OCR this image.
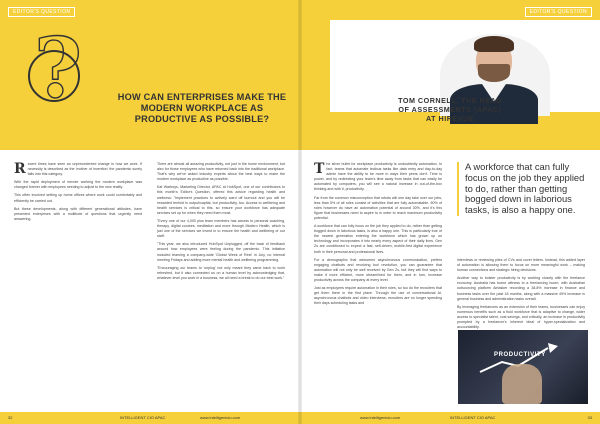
EDITOR'S QUESTION
?	HOW CAN ENTERPRISES MAKE THE MODERN WORKPLACE AS PRODUCTIVE AS POSSIBLE?

Recent times have seen an unprecedented change in how we work. If necessity is described as the 'mother of invention' the pandemic surely falls into this category.

With the rapid deployment of remote working the modern workplace was changed forever with employees needing to adjust to the new reality.

This often involved setting up home offices where work could comfortably and efficiently be carried out.

But these developments, along with different generational attitudes, have presented enterprises with a multitude of questions that urgently need answering.

There are almost all amazing productivity, not just in the home environment, but also for those employees who have returned back into the traditional workplace. That's why we've asked industry experts about the best ways to make the modern workplace as productive as possible.

Kat Warboys, Marketing Director, APAC at HubSpot, one of our contributors to this month's Editor's Question, offered this advice regarding health and wellness: "Implement practices to actively ward off burnout and you will be rewarded tenfold in output/capital, but productivity, too. Access to wellbeing and health services is critical to this, so ensure your workforce has adequate services set up for when they need them most.

"Every one of our 4,000 plus team members has access to personal coaching, therapy, digital courses, meditation and more through Modern Health, which is just one of the services we invest in to ensure the health and wellbeing of our staff.

"This year, we also introduced HubSpot Unplugged, off the back of feedback around how employees were feeling during the pandemic. This initiative included teaming a company-wide 'Global Week of Rest' in July, no internal meeting Fridays and adding more mental health and wellbeing programming.

"Encouraging our teams to 'unplug' not only meant they came back to work refreshed, but it also connected us on a human level by acknowledging that, whatever level you work in a business, we all need a break to do our best work."

32	INTELLIGENT CIO APAC	www.intelligentcio.com
EDITOR'S QUESTION
TOM CORNELL, THE HEAD
OF ASSESSMENTS (APAC)
AT HIREVUE

The silver bullet for workplace productivity is undoubtedly automation. In fact, teams that automate tedious tasks like data entry and day-to-day admin have the ability to be more in ways their peers don't. Time is power, and by redirecting your team's time away from tasks that can easily be automated by computers, you will see a natural increase in out-of-the-box thinking and with it, productivity.

Far from the common misconception that robots will one day take over our jobs, less than 5% of all roles consist of activities that are fully automatable. 60% of roles however do have an automation potential of around 30%, and it's this figure that businesses need to aspire to in order to reach maximum productivity potential.

A workforce that can fully focus on the job they applied to do, rather than getting bogged down in laborious tasks, is also a happy one. This is particularly true of the newest generation entering the workforce which has grown up on technology and incorporates it into nearly every aspect of their daily lives. Gen Zs are conditioned to expect a fast, self-driven, mobile-first digital experience both in their personal and professional lives.

For a demographic that welcomes asynchronous communication, prefers engaging chatbots and revolving tool revolution, you can guarantee that automation will not only be well received by Gen Zs, but they will find ways to make it more efficient, more streamlined for them, and in turn, increase productivity across the company at every level.

Just as employees require automation in their roles, so too do the recruiters that get them there in the first place. Through the use of conversational AI, asynchronous chatbots and video interviews, recruiters are no longer spending their days scheduling tasks and

A workforce that can fully focus on the job they applied to do, rather than getting bogged down in laborious tasks, is also a happy one.

interviews or reviewing piles of CVs and cover letters. Instead, this added layer of automation is allowing them to focus on more meaningful work – making human connections and strategic hiring decisions.

Another way to bolster productivity is by working closely with the freelance economy. Australia has borne witness to a freelancing boom, with Australian outsourcing platform Airtasker recording a 38.8% increase in finance and business tasks over the past 18 months, along with a massive 49% increase in general business and administration tasks overall.

By leveraging freelancers as an extension of their teams, businesses can enjoy numerous benefits such as a fluid workforce that is adaptive to change, wider access to specialist talent, cost savings, and critically, an increase in productivity prompted by a freelancer's inherent ideal of hyper-specialization and accountability.

PRODUCTIVITY
www.intelligentcio.com	INTELLIGENT CIO APAC	33
